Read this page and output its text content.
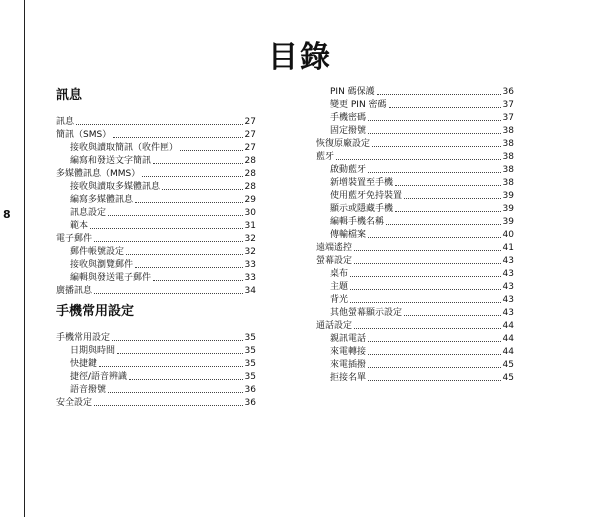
8
目錄
訊息
訊息	27
簡訊（SMS）	27
接收與讀取簡訊（收件匣）	27
編寫和發送文字簡訊	28
多媒體訊息（MMS）	28
接收與讀取多媒體訊息	28
編寫多媒體訊息	29
訊息設定	30
範本	31
電子郵件	32
郵件帳號設定	32
接收與瀏覽郵件	33
編輯與發送電子郵件	33
廣播訊息	34
手機常用設定
手機常用設定	35
日期與時間	35
快捷鍵	35
捷徑/語音辨識	35
語音撥號	36
安全設定	36
PIN 碼保護	36
變更 PIN 密碼	37
手機密碼	37
固定撥號	38
恢復原廠設定	38
藍牙	38
啟動藍牙	38
新增裝置至手機	38
使用藍牙免持裝置	39
顯示或隱藏手機	39
編輯手機名稱	39
傳輸檔案	40
遠端遙控	41
螢幕設定	43
桌布	43
主題	43
背光	43
其他螢幕顯示設定	43
通話設定	44
親訊電話	44
來電轉接	44
來電插撥	45
拒接名單	45
